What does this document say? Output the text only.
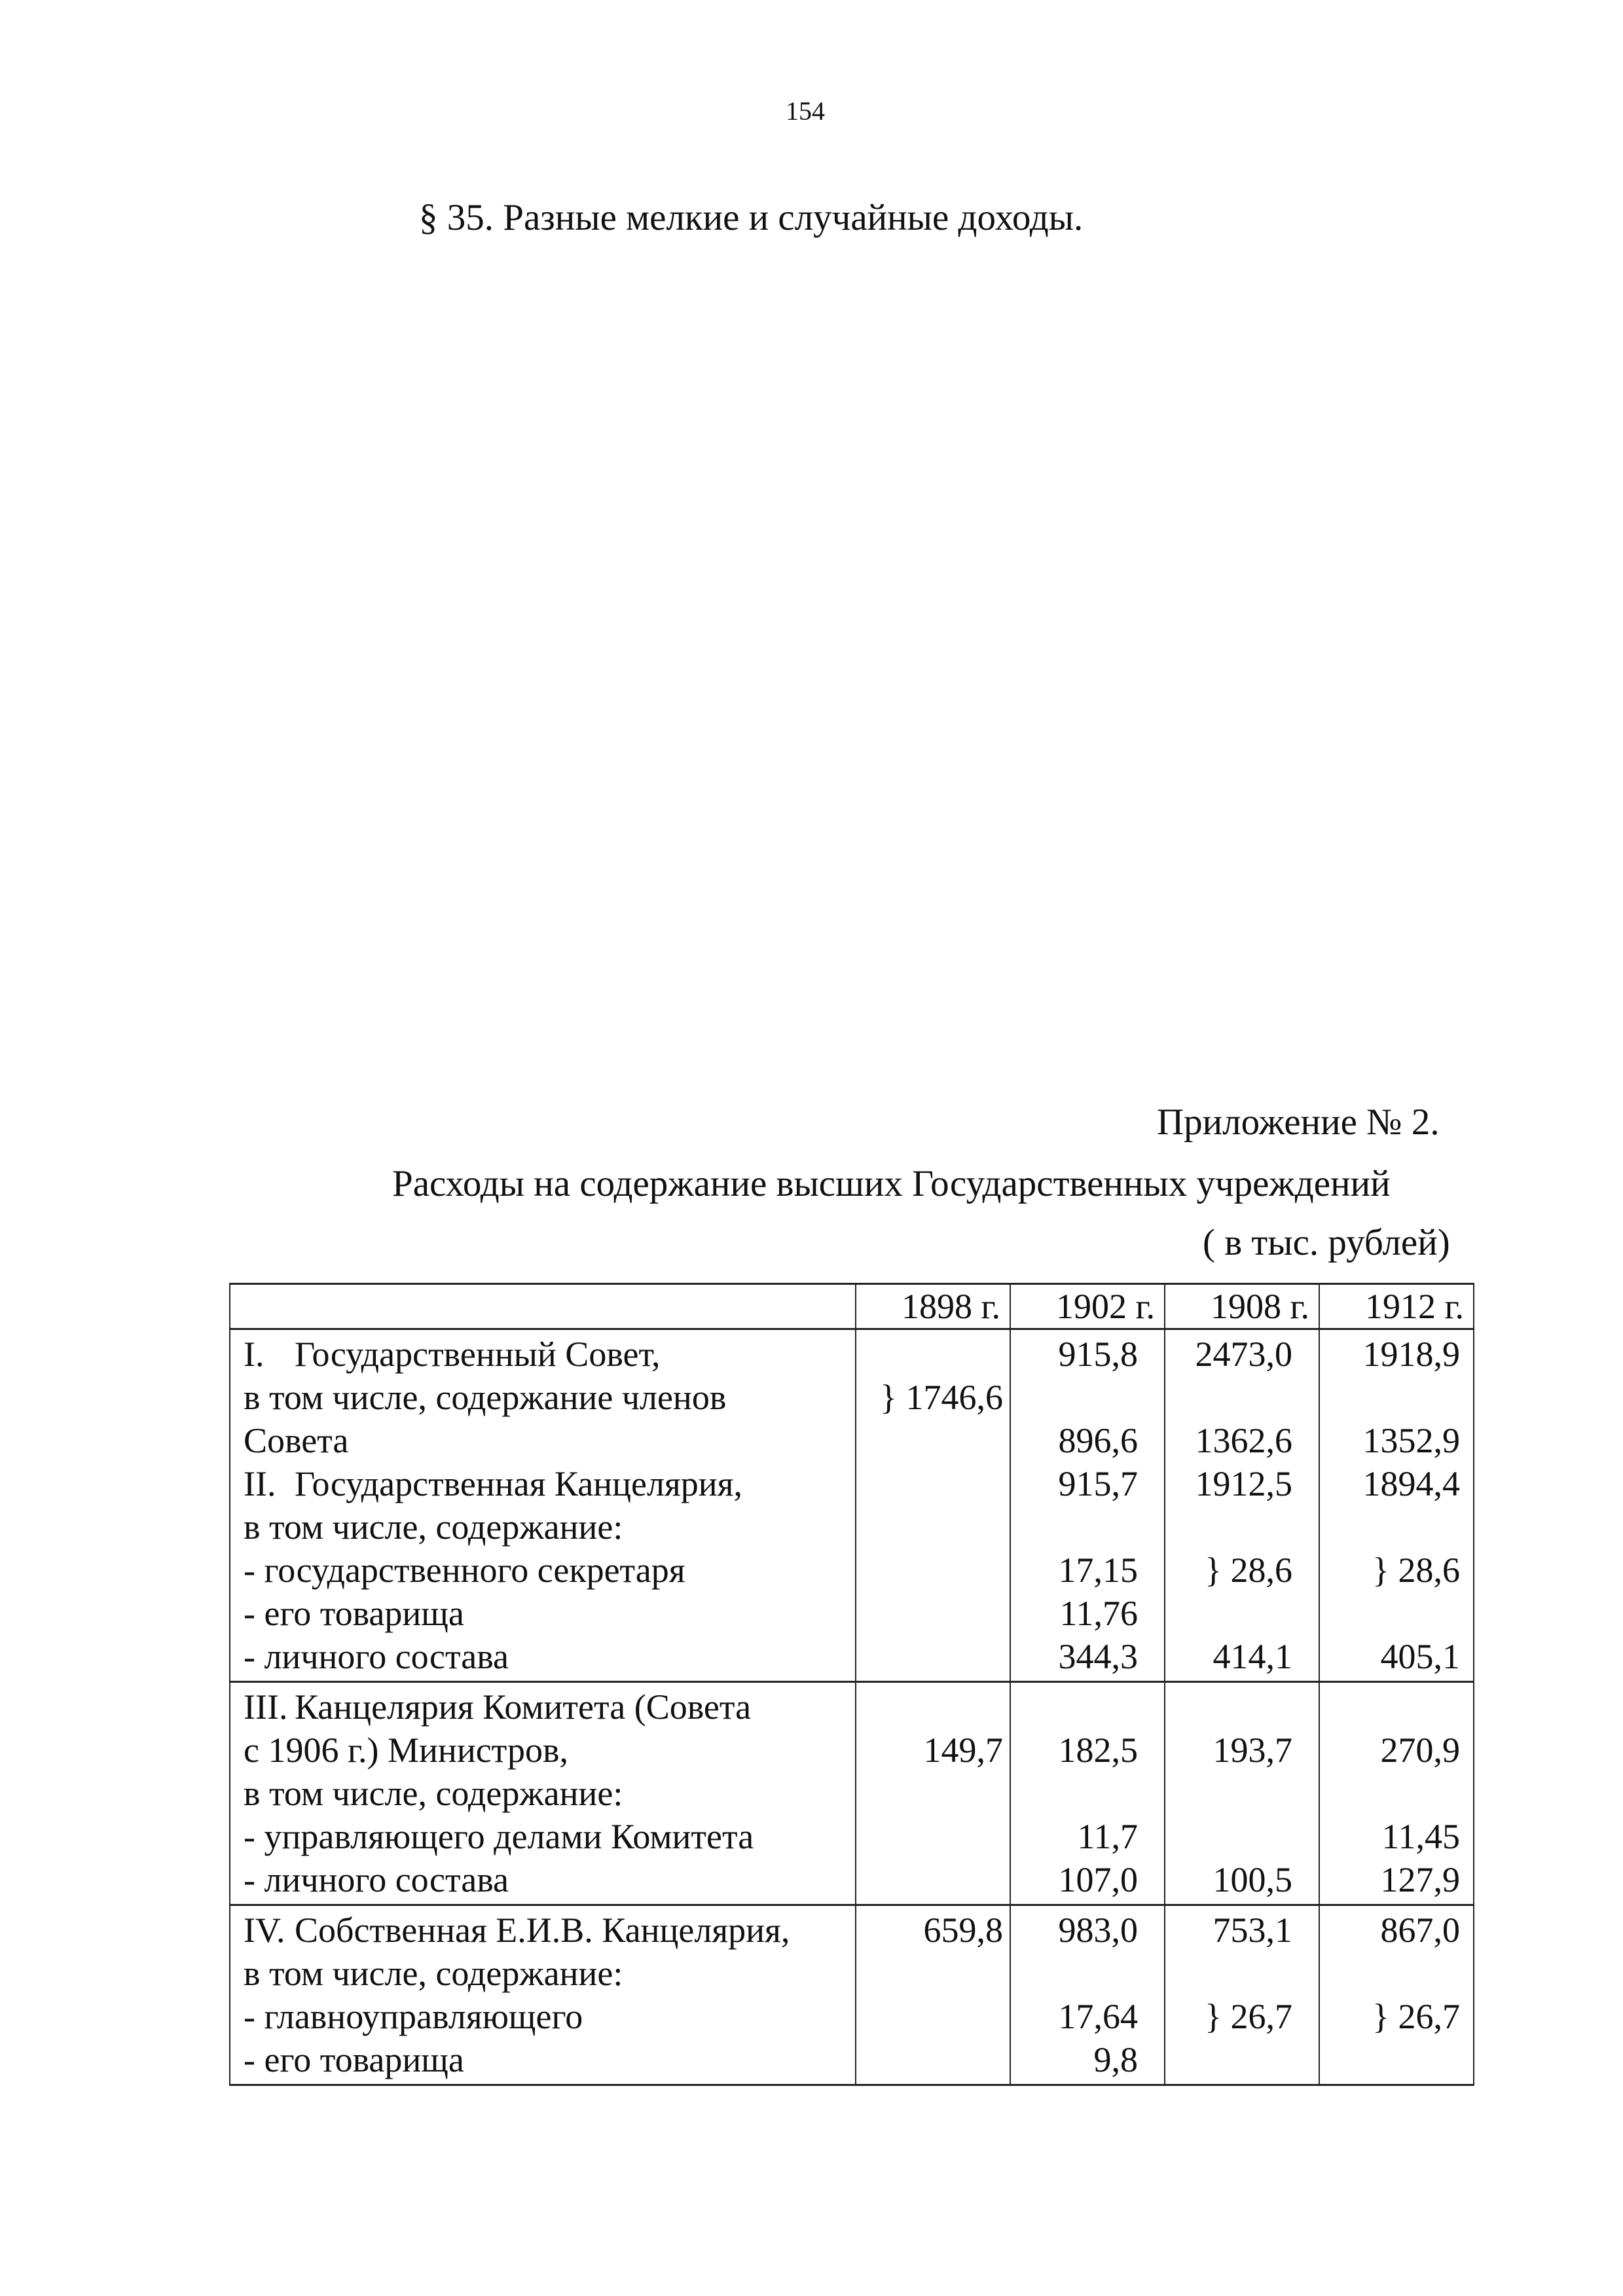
154
§ 35. Разные мелкие и случайные доходы.
Приложение № 2.
Расходы на содержание высших Государственных учреждений
( в тыс. рублей)
	1898 г.	1902 г.	1908 г.	1912 г.
I. Государственный Совет,		915,8	2473,0	1918,9
в том числе, содержание членов	} 1746,6			
Совета		896,6	1362,6	1352,9
II. Государственная Канцелярия,		915,7	1912,5	1894,4
в том числе, содержание:				
- государственного секретаря		17,15	} 28,6	} 28,6
- его товарища		11,76		
- личного состава		344,3	414,1	405,1
III. Канцелярия Комитета (Совета				
с 1906 г.) Министров,	149,7	182,5	193,7	270,9
в том числе, содержание:				
- управляющего делами Комитета		11,7		11,45
- личного состава		107,0	100,5	127,9
IV. Собственная Е.И.В. Канцелярия,	659,8	983,0	753,1	867,0
в том числе, содержание:				
- главноуправляющего		17,64	} 26,7	} 26,7
- его товарища		9,8		
